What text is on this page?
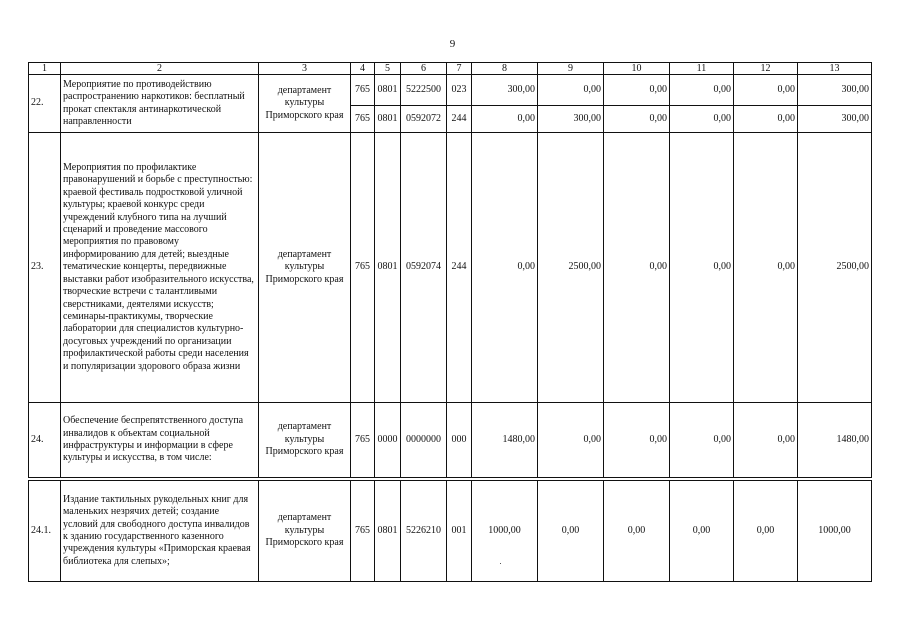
9
1	2	3	4	5	6	7	8	9	10	11	12	13
22.	Мероприятие по противодействию распространению наркотиков: бесплатный прокат спектакля антинаркотической направленности	департамент культуры Приморского края	765	0801	5222500	023	300,00	0,00	0,00	0,00	0,00	300,00
			765	0801	0592072	244	0,00	300,00	0,00	0,00	0,00	300,00
23.	Мероприятия по профилактике правонарушений и борьбе с преступностью: краевой фестиваль подростковой уличной культуры; краевой конкурс среди учреждений клубного типа на лучший сценарий и проведение массового мероприятия по правовому информированию для детей; выездные тематические концерты, передвижные выставки работ изобразительного искусства, творческие встречи с талантливыми сверстниками, деятелями искусств; семинары-практикумы, творческие лаборатории для специалистов культурно-досуговых учреждений по организации профилактической работы среди населения и популяризации здорового образа жизни	департамент культуры Приморского края	765	0801	0592074	244	0,00	2500,00	0,00	0,00	0,00	2500,00
24.	Обеспечение беспрепятственного доступа инвалидов к объектам социальной инфраструктуры и информации в сфере культуры и искусства, в том числе:	департамент культуры Приморского края	765	0000	0000000	000	1480,00	0,00	0,00	0,00	0,00	1480,00

24.1.	Издание тактильных рукодельных книг для маленьких незрячих детей; создание условий для свободного доступа инвалидов к зданию государственного казенного учреждения культуры «Приморская краевая библиотека для слепых»;	департамент культуры Приморского края	765	0801	5226210	001	1000,00	0,00	0,00	0,00	0,00	1000,00
